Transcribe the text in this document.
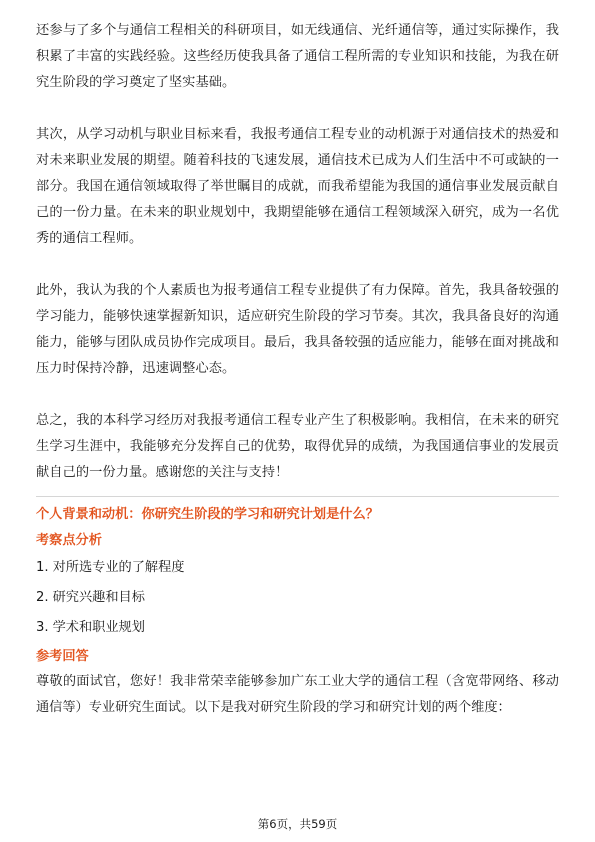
还参与了多个与通信工程相关的科研项目，如无线通信、光纤通信等，通过实际操作，我积累了丰富的实践经验。这些经历使我具备了通信工程所需的专业知识和技能，为我在研究生阶段的学习奠定了坚实基础。

其次，从学习动机与职业目标来看，我报考通信工程专业的动机源于对通信技术的热爱和对未来职业发展的期望。随着科技的飞速发展，通信技术已成为人们生活中不可或缺的一部分。我国在通信领域取得了举世瞩目的成就，而我希望能为我国的通信事业发展贡献自己的一份力量。在未来的职业规划中，我期望能够在通信工程领域深入研究，成为一名优秀的通信工程师。

此外，我认为我的个人素质也为报考通信工程专业提供了有力保障。首先，我具备较强的学习能力，能够快速掌握新知识，适应研究生阶段的学习节奏。其次，我具备良好的沟通能力，能够与团队成员协作完成项目。最后，我具备较强的适应能力，能够在面对挑战和压力时保持冷静，迅速调整心态。

总之，我的本科学习经历对我报考通信工程专业产生了积极影响。我相信，在未来的研究生学习生涯中，我能够充分发挥自己的优势，取得优异的成绩，为我国通信事业的发展贡献自己的一份力量。感谢您的关注与支持！

个人背景和动机：你研究生阶段的学习和研究计划是什么？
考察点分析
1. 对所选专业的了解程度
2. 研究兴趣和目标
3. 学术和职业规划
参考回答

尊敬的面试官，您好！我非常荣幸能够参加广东工业大学的通信工程（含宽带网络、移动通信等）专业研究生面试。以下是我对研究生阶段的学习和研究计划的两个维度：

第6页，共59页
